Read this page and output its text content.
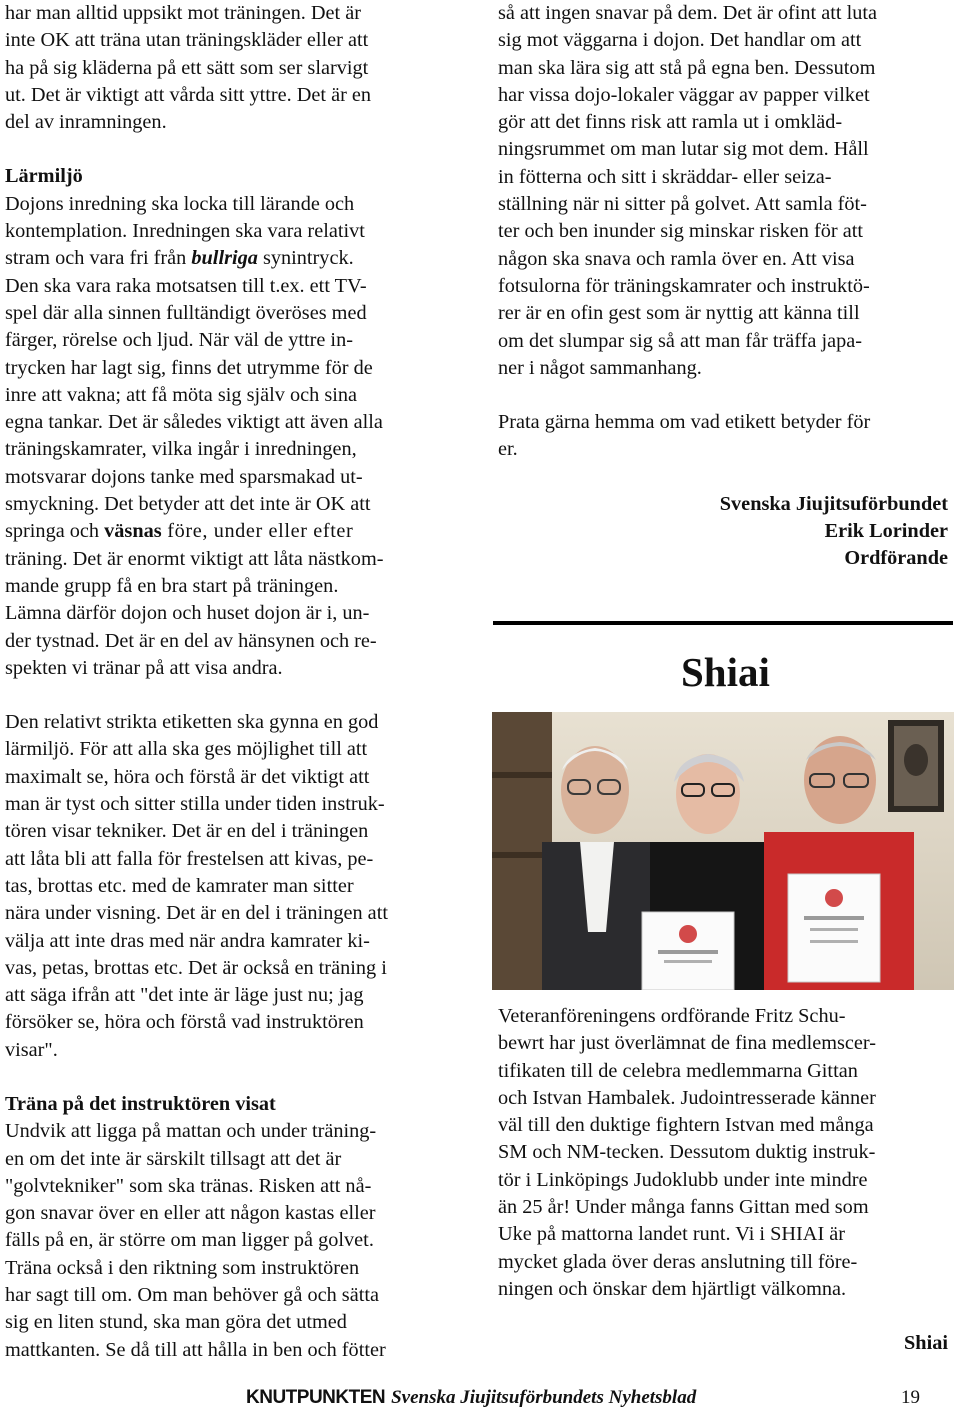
har man alltid uppsikt mot träningen. Det är
inte OK att träna utan träningskläder eller att
ha på sig kläderna på ett sätt som ser slarvigt
ut. Det är viktigt att vårda sitt yttre. Det är en
del av inramningen.

Lärmiljö

Dojons inredning ska locka till lärande och
kontemplation. Inredningen ska vara relativt
stram och vara fri från bullriga synintryck.
Den ska vara raka motsatsen till t.ex. ett TV-
spel där alla sinnen fulltändigt överöses med
färger, rörelse och ljud. När väl de yttre in-
trycken har lagt sig, finns det utrymme för de
inre att vakna; att få möta sig själv och sina
egna tankar. Det är således viktigt att även alla
träningskamrater, vilka ingår i inredningen,
motsvarar dojons tanke med sparsmakad ut-
smyckning. Det betyder att det inte är OK att
springa och väsnas före, under eller efter
träning. Det är enormt viktigt att låta nästkom-
mande grupp få en bra start på träningen.
Lämna därför dojon och huset dojon är i, un-
der tystnad. Det är en del av hänsynen och re-
spekten vi tränar på att visa andra.

Den relativt strikta etiketten ska gynna en god
lärmiljö. För att alla ska ges möjlighet till att
maximalt se, höra och förstå är det viktigt att
man är tyst och sitter stilla under tiden instruk-
tören visar tekniker. Det är en del i träningen
att låta bli att falla för frestelsen att kivas, pe-
tas, brottas etc. med de kamrater man sitter
nära under visning. Det är en del i träningen att
välja att inte dras med när andra kamrater ki-
vas, petas, brottas etc. Det är också en träning i
att säga ifrån att "det inte är läge just nu; jag
försöker se, höra och förstå vad instruktören
visar".

Träna på det instruktören visat

Undvik att ligga på mattan och under träning-
en om det inte är särskilt tillsagt att det är
"golvtekniker" som ska tränas. Risken att nå-
gon snavar över en eller att någon kastas eller
fälls på en, är större om man ligger på golvet.
Träna också i den riktning som instruktören
har sagt till om. Om man behöver gå och sätta
sig en liten stund, ska man göra det utmed
mattkanten. Se då till att hålla in ben och fötter

så att ingen snavar på dem. Det är ofint att luta
sig mot väggarna i dojon. Det handlar om att
man ska lära sig att stå på egna ben. Dessutom
har vissa dojo-lokaler väggar av papper vilket
gör att det finns risk att ramla ut i omkläd-
ningsrummet om man lutar sig mot dem. Håll
in fötterna och sitt i skräddar- eller seiza-
ställning när ni sitter på golvet. Att samla föt-
ter och ben inunder sig minskar risken för att
någon ska snava och ramla över en. Att visa
fotsulorna för träningskamrater och instruktö-
rer är en ofin gest som är nyttig att känna till
om det slumpar sig så att man får träffa japa-
ner i något sammanhang.

Prata gärna hemma om vad etikett betyder för
er.

Svenska Jiujitsuförbundet
Erik Lorinder
Ordförande
Shiai
Veteranföreningens ordförande Fritz Schu-
bewrt har just överlämnat de fina medlemscer-
tifikaten till de celebra medlemmarna Gittan
och Istvan Hambalek. Judointresserade känner
väl till den duktige fightern Istvan med många
SM och NM-tecken. Dessutom duktig instruk-
tör i Linköpings Judoklubb under inte mindre
än 25 år! Under många fanns Gittan med som
Uke på mattorna landet runt. Vi i SHIAI är
mycket glada över deras anslutning till före-
ningen och önskar dem hjärtligt välkomna.
Shiai
KNUTPUNKTEN Svenska Jiujitsuförbundets Nyhetsblad	19
